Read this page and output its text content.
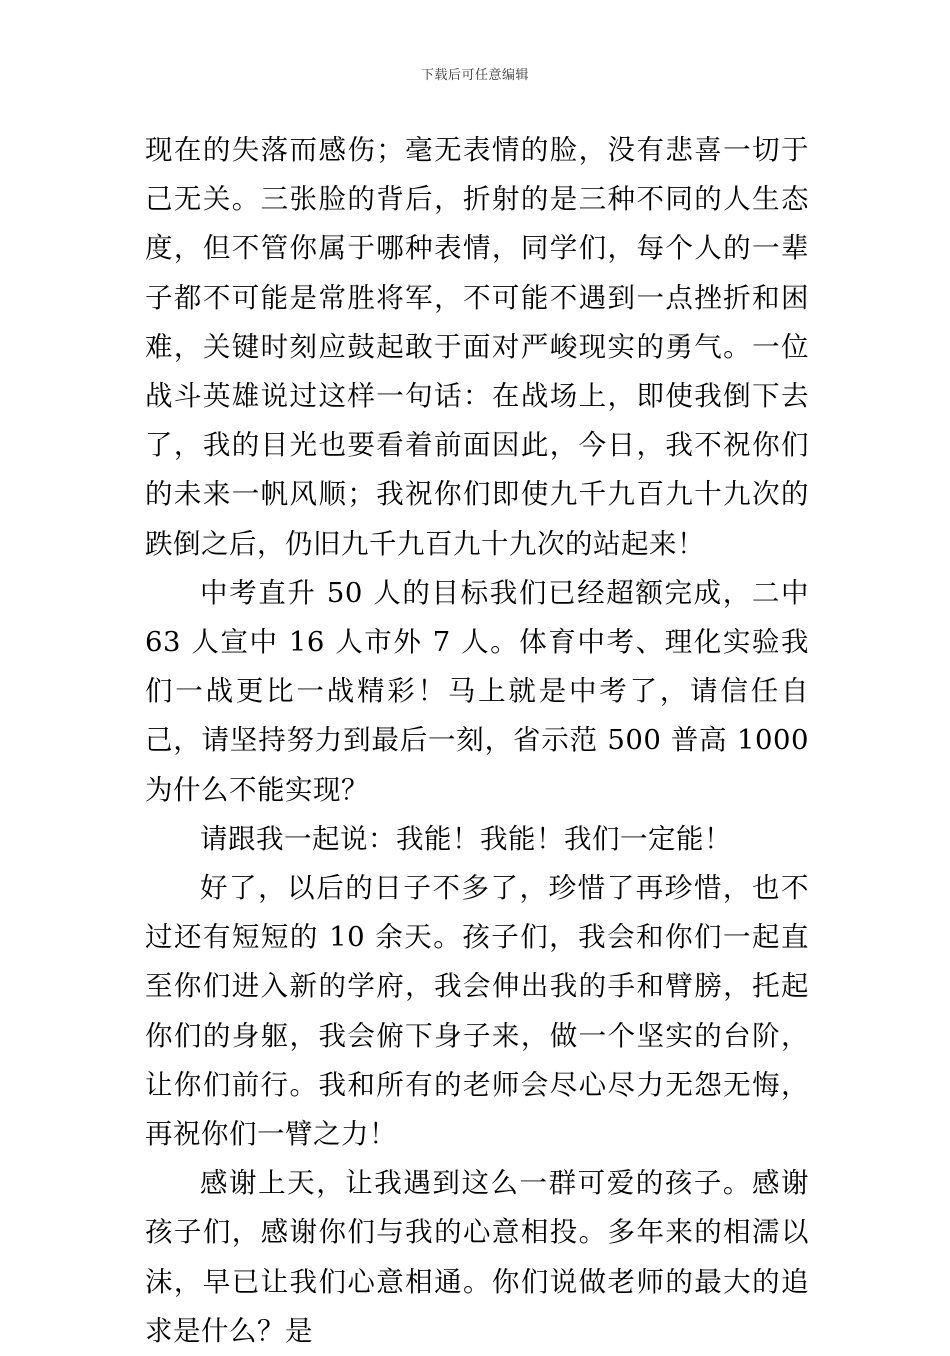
下载后可任意编辑

现在的失落而感伤；毫无表情的脸，没有悲喜一切于己无关。三张脸的背后，折射的是三种不同的人生态度，但不管你属于哪种表情，同学们，每个人的一辈子都不可能是常胜将军，不可能不遇到一点挫折和困难，关键时刻应鼓起敢于面对严峻现实的勇气。一位战斗英雄说过这样一句话：在战场上，即使我倒下去了，我的目光也要看着前面因此，今日，我不祝你们的未来一帆风顺；我祝你们即使九千九百九十九次的跌倒之后，仍旧九千九百九十九次的站起来！

中考直升 50 人的目标我们已经超额完成，二中 63 人宣中 16 人市外 7 人。体育中考、理化实验我们一战更比一战精彩！马上就是中考了，请信任自己，请坚持努力到最后一刻，省示范 500 普高 1000 为什么不能实现？

请跟我一起说：我能！我能！我们一定能！

好了，以后的日子不多了，珍惜了再珍惜，也不过还有短短的 10 余天。孩子们，我会和你们一起直至你们进入新的学府，我会伸出我的手和臂膀，托起你们的身躯，我会俯下身子来，做一个坚实的台阶，让你们前行。我和所有的老师会尽心尽力无怨无悔，再祝你们一臂之力！

感谢上天，让我遇到这么一群可爱的孩子。感谢孩子们，感谢你们与我的心意相投。多年来的相濡以沫，早已让我们心意相通。你们说做老师的最大的追求是什么？是
